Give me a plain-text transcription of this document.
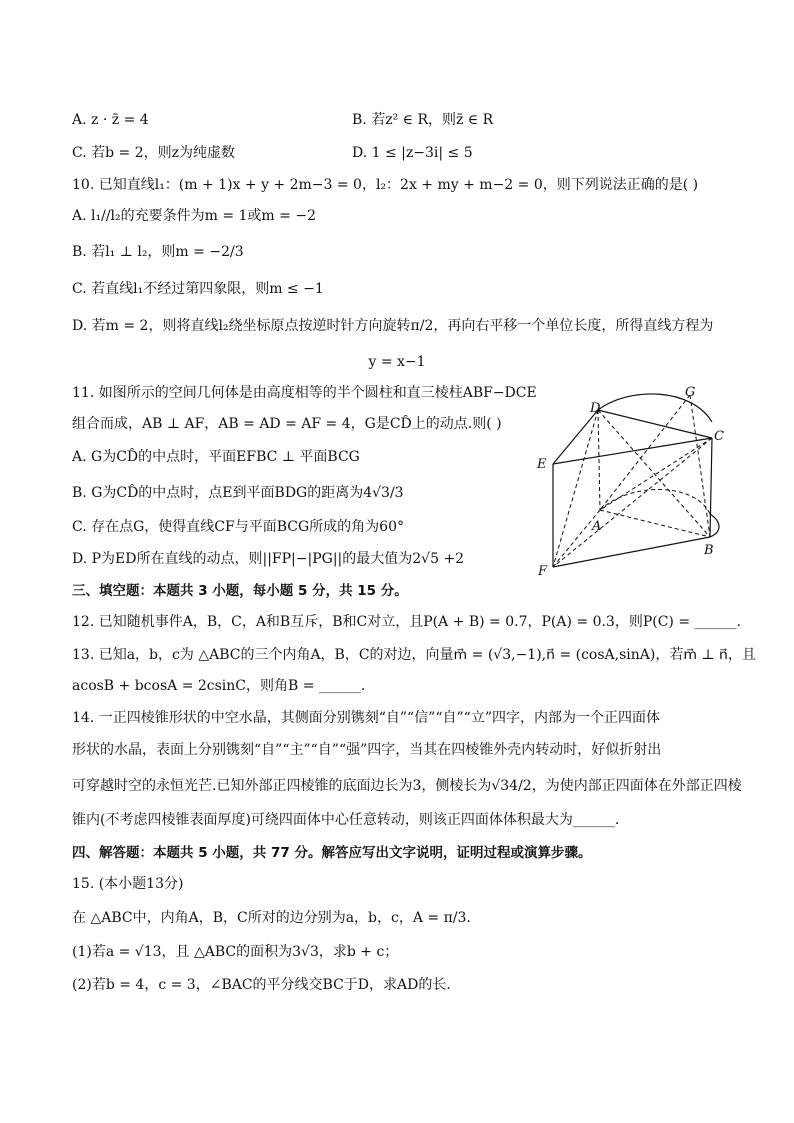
A. z · z̄ = 4	B. 若z² ∈ R，则z̄ ∈ R
C. 若b = 2，则z为纯虚数	D. 1 ≤ |z−3i| ≤ 5
10. 已知直线l₁：(m + 1)x + y + 2m−3 = 0，l₂：2x + my + m−2 = 0，则下列说法正确的是( )
A. l₁//l₂的充要条件为m = 1或m = −2
B. 若l₁ ⊥ l₂，则m = −2/3
C. 若直线l₁不经过第四象限，则m ≤ −1
D. 若m = 2，则将直线l₂绕坐标原点按逆时针方向旋转π/2，再向右平移一个单位长度，所得直线方程为
y = x−1
11. 如图所示的空间几何体是由高度相等的半个圆柱和直三棱柱ABF−DCE
组合而成，AB ⊥ AF，AB = AD = AF = 4，G是CD̂上的动点.则( )
A. G为CD̂的中点时，平面EFBC ⊥ 平面BCG
B. G为CD̂的中点时，点E到平面BDG的距离为4√3/3
C. 存在点G，使得直线CF与平面BCG所成的角为60°
D. P为ED所在直线的动点，则||FP|−|PG||的最大值为2√5 +2
D
G
C
E
A
B
F
三、填空题：本题共 3 小题，每小题 5 分，共 15 分。
12. 已知随机事件A，B，C，A和B互斥，B和C对立，且P(A + B) = 0.7，P(A) = 0.3，则P(C) = ______.
13. 已知a，b，c为 △ABC的三个内角A，B，C的对边，向量m⃗ = (√3,−1),n⃗ = (cosA,sinA)，若m⃗ ⊥ n⃗，且
acosB + bcosA = 2csinC，则角B = ______.
14. 一正四棱锥形状的中空水晶，其侧面分别镌刻“自”“信”“自”“立”四字，内部为一个正四面体
形状的水晶，表面上分别镌刻“自”“主”“自”“强”四字，当其在四棱锥外壳内转动时，好似折射出
可穿越时空的永恒光芒.已知外部正四棱锥的底面边长为3，侧棱长为√34/2，为使内部正四面体在外部正四棱
锥内(不考虑四棱锥表面厚度)可绕四面体中心任意转动，则该正四面体体积最大为______.
四、解答题：本题共 5 小题，共 77 分。解答应写出文字说明，证明过程或演算步骤。
15. (本小题13分)
在 △ABC中，内角A，B，C所对的边分别为a，b，c，A = π/3.
(1)若a = √13，且 △ABC的面积为3√3，求b + c；
(2)若b = 4，c = 3，∠BAC的平分线交BC于D，求AD的长.
